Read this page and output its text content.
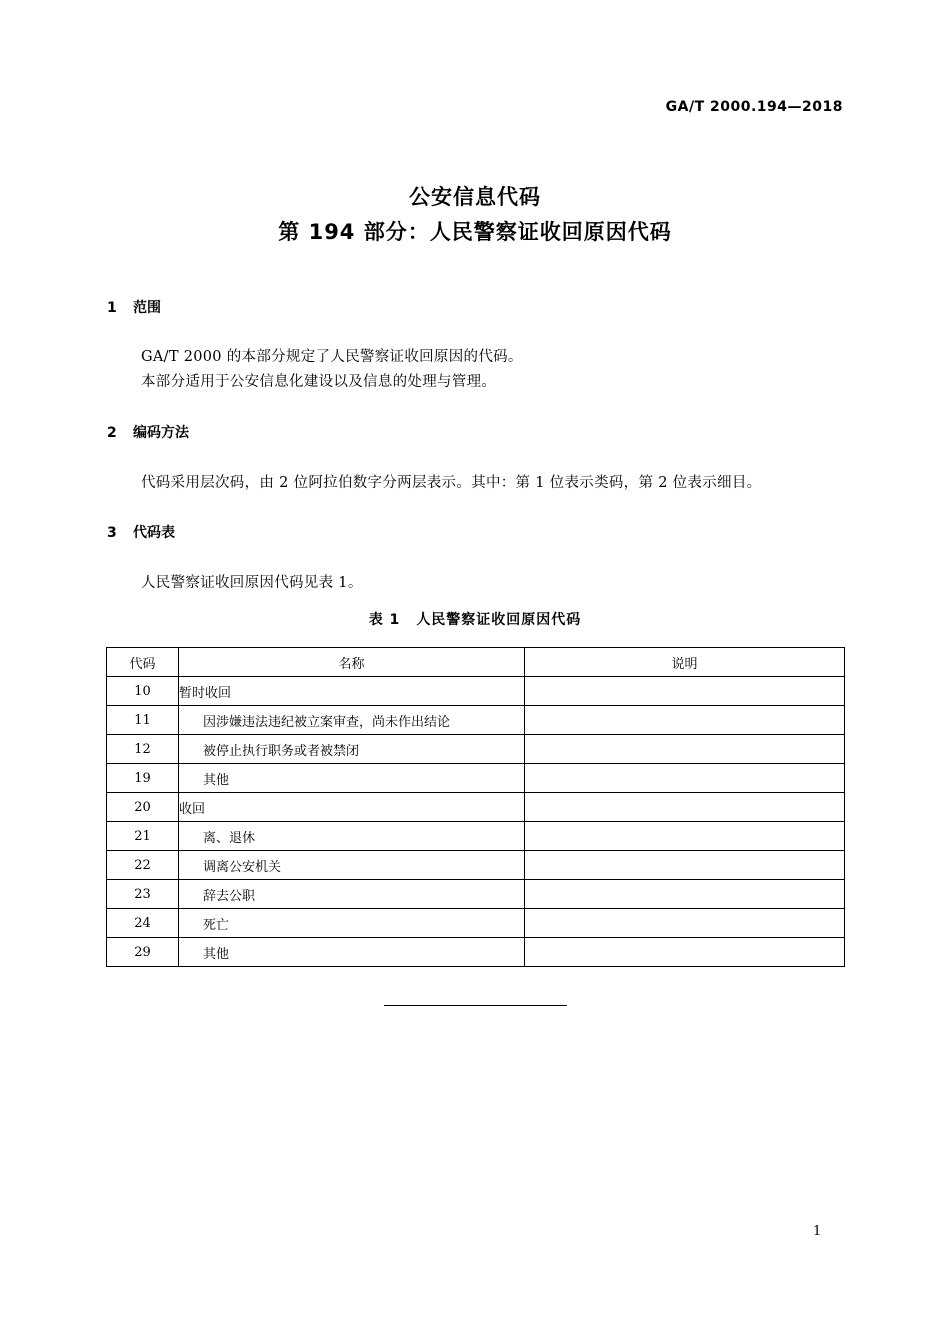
GA/T 2000.194—2018
公安信息代码
第 194 部分：人民警察证收回原因代码
1 范围
GA/T 2000 的本部分规定了人民警察证收回原因的代码。
本部分适用于公安信息化建设以及信息的处理与管理。
2 编码方法
代码采用层次码，由 2 位阿拉伯数字分两层表示。其中：第 1 位表示类码，第 2 位表示细目。
3 代码表
人民警察证收回原因代码见表 1。
表 1 人民警察证收回原因代码
代码	名称	说明
10	暂时收回	
11	因涉嫌违法违纪被立案审查，尚未作出结论	
12	被停止执行职务或者被禁闭	
19	其他	
20	收回	
21	离、退休	
22	调离公安机关	
23	辞去公职	
24	死亡	
29	其他	
1
